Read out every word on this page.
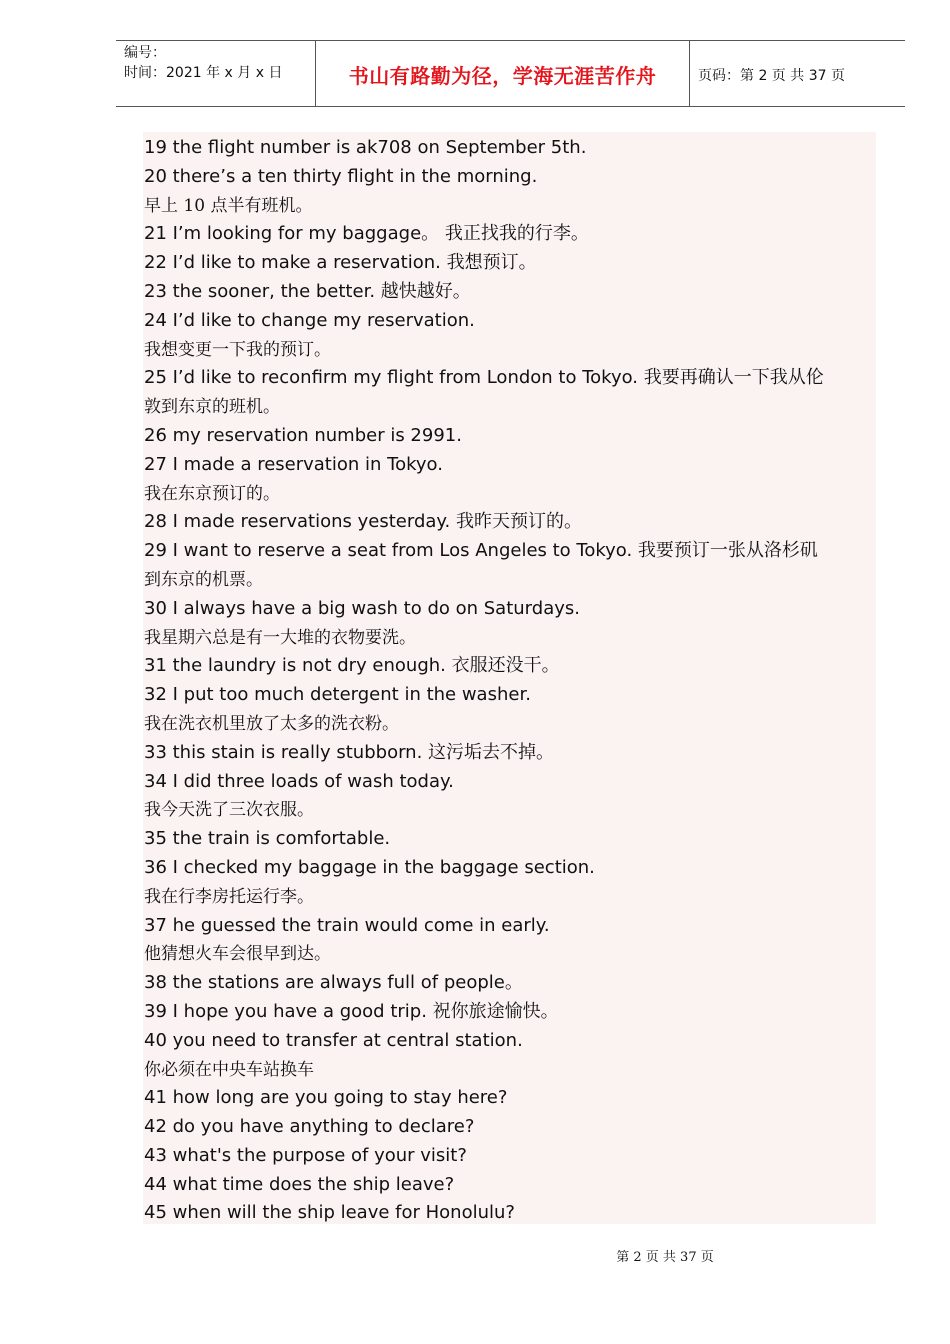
编号：
时间：2021 年 x 月 x 日	书山有路勤为径，学海无涯苦作舟	页码：第 2 页 共 37 页
19 the flight number is ak708 on September 5th.
20 there’s a ten thirty flight in the morning.
早上 10 点半有班机。
21 I’m looking for my baggage。 我正找我的行李。
22 I’d like to make a reservation. 我想预订。
23 the sooner, the better. 越快越好。
24 I’d like to change my reservation.
我想变更一下我的预订。
25 I’d like to reconfirm my flight from London to Tokyo. 我要再确认一下我从伦
敦到东京的班机。
26 my reservation number is 2991.
27 I made a reservation in Tokyo.
我在东京预订的。
28 I made reservations yesterday. 我昨天预订的。
29 I want to reserve a seat from Los Angeles to Tokyo. 我要预订一张从洛杉矶
到东京的机票。
30 I always have a big wash to do on Saturdays.
我星期六总是有一大堆的衣物要洗。
31 the laundry is not dry enough. 衣服还没干。
32 I put too much detergent in the washer.
我在洗衣机里放了太多的洗衣粉。
33 this stain is really stubborn. 这污垢去不掉。
34 I did three loads of wash today.
我今天洗了三次衣服。
35 the train is comfortable.
36 I checked my baggage in the baggage section.
我在行李房托运行李。
37 he guessed the train would come in early.
他猜想火车会很早到达。
38 the stations are always full of people。
39 I hope you have a good trip. 祝你旅途愉快。
40 you need to transfer at central station.
你必须在中央车站换车
41 how long are you going to stay here?
42 do you have anything to declare?
43 what's the purpose of your visit?
44 what time does the ship leave?
45 when will the ship leave for Honolulu?
第 2 页 共 37 页
